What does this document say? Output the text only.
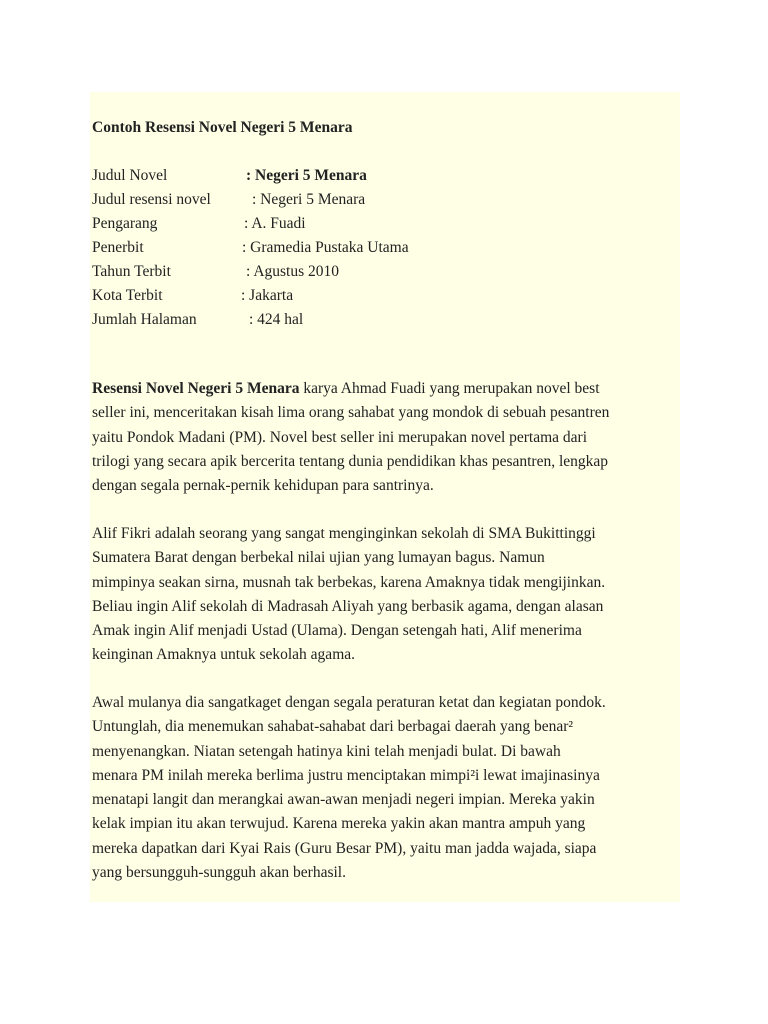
Contoh Resensi Novel Negeri 5 Menara
Judul Novel	: Negeri 5 Menara
Judul resensi novel	: Negeri 5 Menara
Pengarang	: A. Fuadi
Penerbit	: Gramedia Pustaka Utama
Tahun Terbit	: Agustus 2010
Kota Terbit	: Jakarta
Jumlah Halaman	: 424 hal

Resensi Novel Negeri 5 Menara karya Ahmad Fuadi yang merupakan novel best
seller ini, menceritakan kisah lima orang sahabat yang mondok di sebuah pesantren
yaitu Pondok Madani (PM). Novel best seller ini merupakan novel pertama dari
trilogi yang secara apik bercerita tentang dunia pendidikan khas pesantren, lengkap
dengan segala pernak-pernik kehidupan para santrinya.

Alif Fikri adalah seorang yang sangat menginginkan sekolah di SMA Bukittinggi
Sumatera Barat dengan berbekal nilai ujian yang lumayan bagus. Namun
mimpinya seakan sirna, musnah tak berbekas, karena Amaknya tidak mengijinkan.
Beliau ingin Alif sekolah di Madrasah Aliyah yang berbasik agama, dengan alasan
Amak ingin Alif menjadi Ustad (Ulama). Dengan setengah hati, Alif menerima
keinginan Amaknya untuk sekolah agama.

Awal mulanya dia sangatkaget dengan segala peraturan ketat dan kegiatan pondok.
Untunglah, dia menemukan sahabat-sahabat dari berbagai daerah yang benar²
menyenangkan. Niatan setengah hatinya kini telah menjadi bulat. Di bawah
menara PM inilah mereka berlima justru menciptakan mimpi²i lewat imajinasinya
menatapi langit dan merangkai awan-awan menjadi negeri impian. Mereka yakin
kelak impian itu akan terwujud. Karena mereka yakin akan mantra ampuh yang
mereka dapatkan dari Kyai Rais (Guru Besar PM), yaitu man jadda wajada, siapa
yang bersungguh-sungguh akan berhasil.
